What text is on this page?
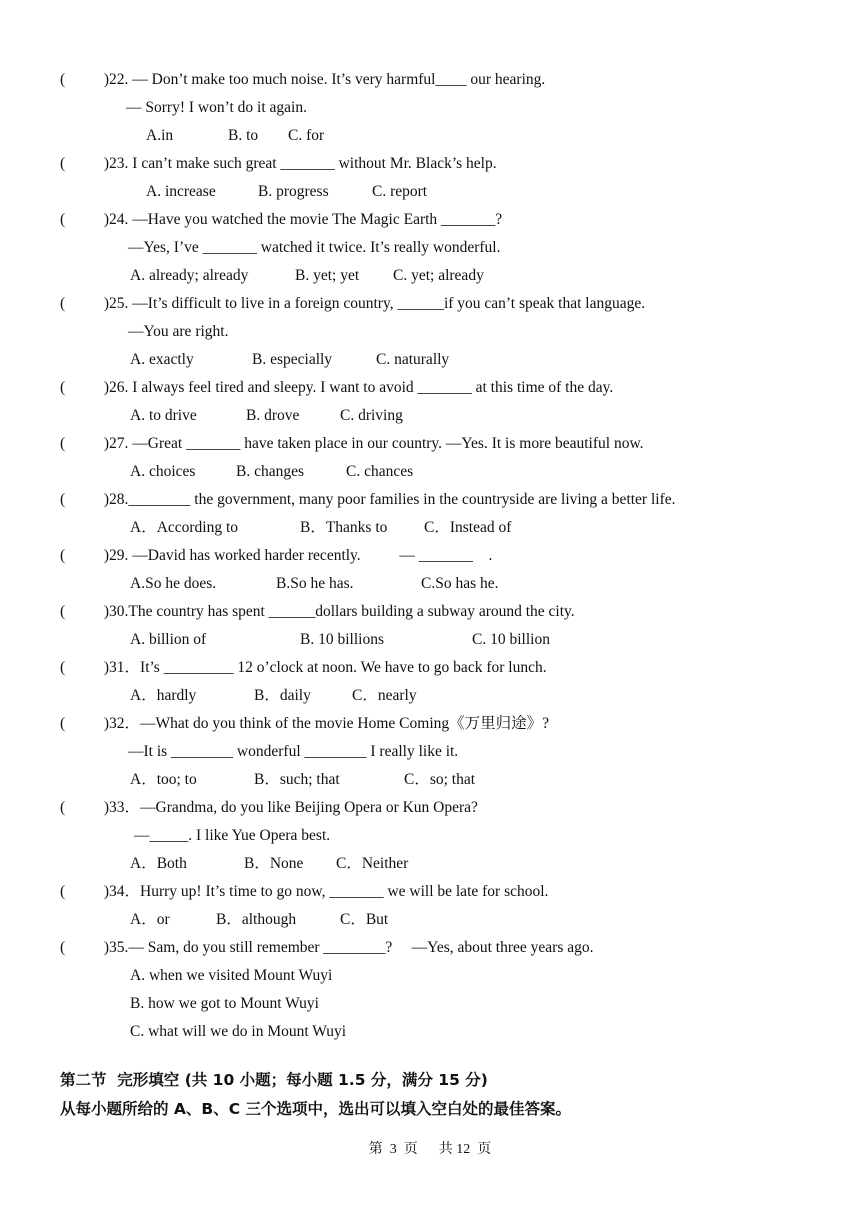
( )22. — Don’t make too much noise. It’s very harmful____ our hearing.
— Sorry! I won’t do it again.
A.in	B. to C. for
( )23. I can’t make such great _______ without Mr. Black’s help.
A. increase	B. progress	C. report
( )24. —Have you watched the movie The Magic Earth _______?
—Yes, I’ve _______ watched it twice. It’s really wonderful.
A. already; already	B. yet; yet C. yet; already
( )25. —It’s difficult to live in a foreign country, ______if you can’t speak that language.
—You are right.
A. exactly	B. especially	C. naturally
( )26. I always feel tired and sleepy. I want to avoid _______ at this time of the day.
A. to drive	B. drove	C. driving
( )27. —Great _______ have taken place in our country. —Yes. It is more beautiful now.
A. choices	B. changes	C. chances
( )28.________ the government, many poor families in the countryside are living a better life.
A．According to	B．Thanks to C．Instead of
( )29. —David has worked harder recently.          — _______    .
A.So he does.	B.So he has.	C.So has he.
( )30.The country has spent ______dollars building a subway around the city.
A. billion of	B. 10 billions	C. 10 billion
( )31．It’s _________ 12 o’clock at noon. We have to go back for lunch.
A．hardly	B．daily	C．nearly
( )32．—What do you think of the movie Home Coming《万里归途》?
—It is ________ wonderful ________ I really like it.
A．too; to	B．such; that	C．so; that
( )33．—Grandma, do you like Beijing Opera or Kun Opera?
—_____. I like Yue Opera best.
A．Both	B．None C．Neither
( )34．Hurry up! It’s time to go now, _______ we will be late for school.
A．or	B．although	C．But
( )35.— Sam, do you still remember ________?     —Yes, about three years ago.
A. when we visited Mount Wuyi
B. how we got to Mount Wuyi
C. what will we do in Mount Wuyi
第二节  完形填空 (共 10 小题；每小题 1.5 分，满分 15 分)
从每小题所给的 A、B、C 三个选项中，选出可以填入空白处的最佳答案。
第  3  页      共 12  页
